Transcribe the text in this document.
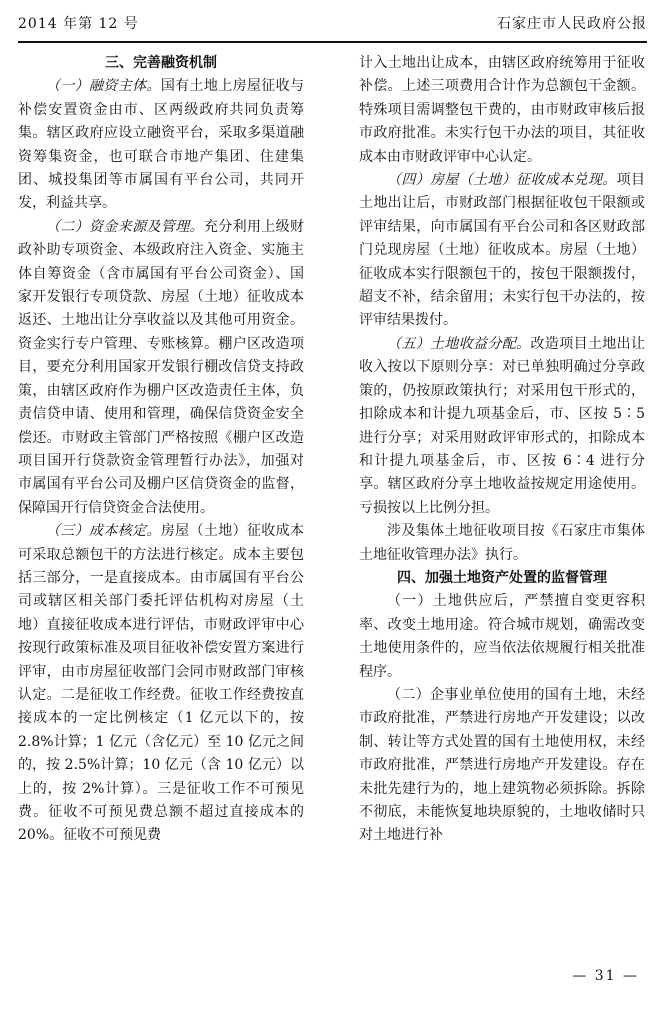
2014 年第 12 号	石家庄市人民政府公报

三、完善融资机制

（一）融资主体。国有土地上房屋征收与补偿安置资金由市、区两级政府共同负责筹集。辖区政府应设立融资平台，采取多渠道融资筹集资金，也可联合市地产集团、住建集团、城投集团等市属国有平台公司，共同开发，利益共享。

（二）资金来源及管理。充分利用上级财政补助专项资金、本级政府注入资金、实施主体自筹资金（含市属国有平台公司资金）、国家开发银行专项贷款、房屋（土地）征收成本返还、土地出让分享收益以及其他可用资金。资金实行专户管理、专账核算。棚户区改造项目，要充分利用国家开发银行棚改信贷支持政策，由辖区政府作为棚户区改造责任主体，负责信贷申请、使用和管理，确保信贷资金安全偿还。市财政主管部门严格按照《棚户区改造项目国开行贷款资金管理暂行办法》，加强对市属国有平台公司及棚户区信贷资金的监督，保障国开行信贷资金合法使用。

（三）成本核定。房屋（土地）征收成本可采取总额包干的方法进行核定。成本主要包括三部分，一是直接成本。由市属国有平台公司或辖区相关部门委托评估机构对房屋（土地）直接征收成本进行评估，市财政评审中心按现行政策标准及项目征收补偿安置方案进行评审，由市房屋征收部门会同市财政部门审核认定。二是征收工作经费。征收工作经费按直接成本的一定比例核定（1 亿元以下的，按 2.8%计算；1 亿元（含亿元）至 10 亿元之间的，按 2.5%计算；10 亿元（含 10 亿元）以上的，按 2%计算）。三是征收工作不可预见费。征收不可预见费总额不超过直接成本的 20%。征收不可预见费

计入土地出让成本，由辖区政府统筹用于征收补偿。上述三项费用合计作为总额包干金额。特殊项目需调整包干费的，由市财政审核后报市政府批准。未实行包干办法的项目，其征收成本由市财政评审中心认定。

（四）房屋（土地）征收成本兑现。项目土地出让后，市财政部门根据征收包干限额或评审结果，向市属国有平台公司和各区财政部门兑现房屋（土地）征收成本。房屋（土地）征收成本实行限额包干的，按包干限额拨付，超支不补，结余留用；未实行包干办法的，按评审结果拨付。

（五）土地收益分配。改造项目土地出让收入按以下原则分享：对已单独明确过分享政策的，仍按原政策执行；对采用包干形式的，扣除成本和计提九项基金后，市、区按 5∶5 进行分享；对采用财政评审形式的，扣除成本和计提九项基金后，市、区按 6∶4 进行分享。辖区政府分享土地收益按规定用途使用。亏损按以上比例分担。

涉及集体土地征收项目按《石家庄市集体土地征收管理办法》执行。

四、加强土地资产处置的监督管理

（一）土地供应后，严禁擅自变更容积率、改变土地用途。符合城市规划，确需改变土地使用条件的，应当依法依规履行相关批准程序。

（二）企事业单位使用的国有土地，未经市政府批准，严禁进行房地产开发建设；以改制、转让等方式处置的国有土地使用权，未经市政府批准，严禁进行房地产开发建设。存在未批先建行为的，地上建筑物必须拆除。拆除不彻底，未能恢复地块原貌的，土地收储时只对土地进行补

— 31 —
